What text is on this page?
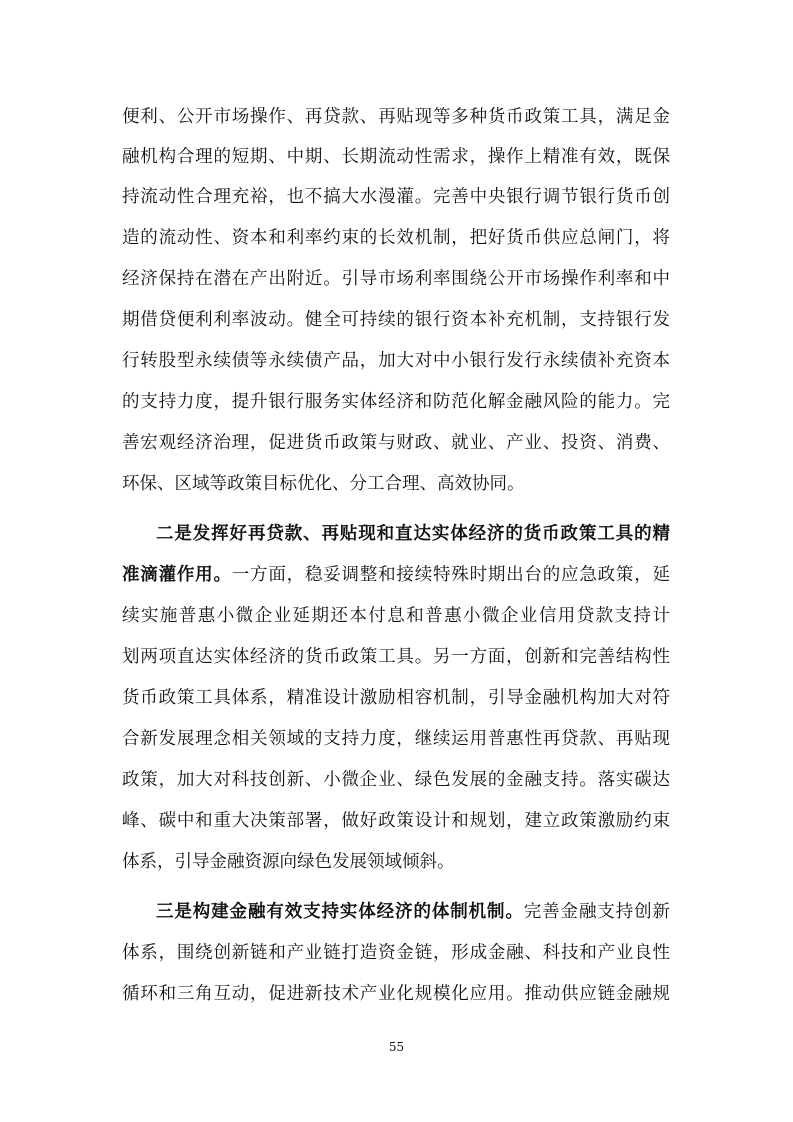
便利、公开市场操作、再贷款、再贴现等多种货币政策工具，满足金
融机构合理的短期、中期、长期流动性需求，操作上精准有效，既保
持流动性合理充裕，也不搞大水漫灌。完善中央银行调节银行货币创
造的流动性、资本和利率约束的长效机制，把好货币供应总闸门，将
经济保持在潜在产出附近。引导市场利率围绕公开市场操作利率和中
期借贷便利利率波动。健全可持续的银行资本补充机制，支持银行发
行转股型永续债等永续债产品，加大对中小银行发行永续债补充资本
的支持力度，提升银行服务实体经济和防范化解金融风险的能力。完
善宏观经济治理，促进货币政策与财政、就业、产业、投资、消费、
环保、区域等政策目标优化、分工合理、高效协同。
二是发挥好再贷款、再贴现和直达实体经济的货币政策工具的精
准滴灌作用。一方面，稳妥调整和接续特殊时期出台的应急政策，延
续实施普惠小微企业延期还本付息和普惠小微企业信用贷款支持计
划两项直达实体经济的货币政策工具。另一方面，创新和完善结构性
货币政策工具体系，精准设计激励相容机制，引导金融机构加大对符
合新发展理念相关领域的支持力度，继续运用普惠性再贷款、再贴现
政策，加大对科技创新、小微企业、绿色发展的金融支持。落实碳达
峰、碳中和重大决策部署，做好政策设计和规划，建立政策激励约束
体系，引导金融资源向绿色发展领域倾斜。
三是构建金融有效支持实体经济的体制机制。完善金融支持创新
体系，围绕创新链和产业链打造资金链，形成金融、科技和产业良性
循环和三角互动，促进新技术产业化规模化应用。推动供应链金融规
55
